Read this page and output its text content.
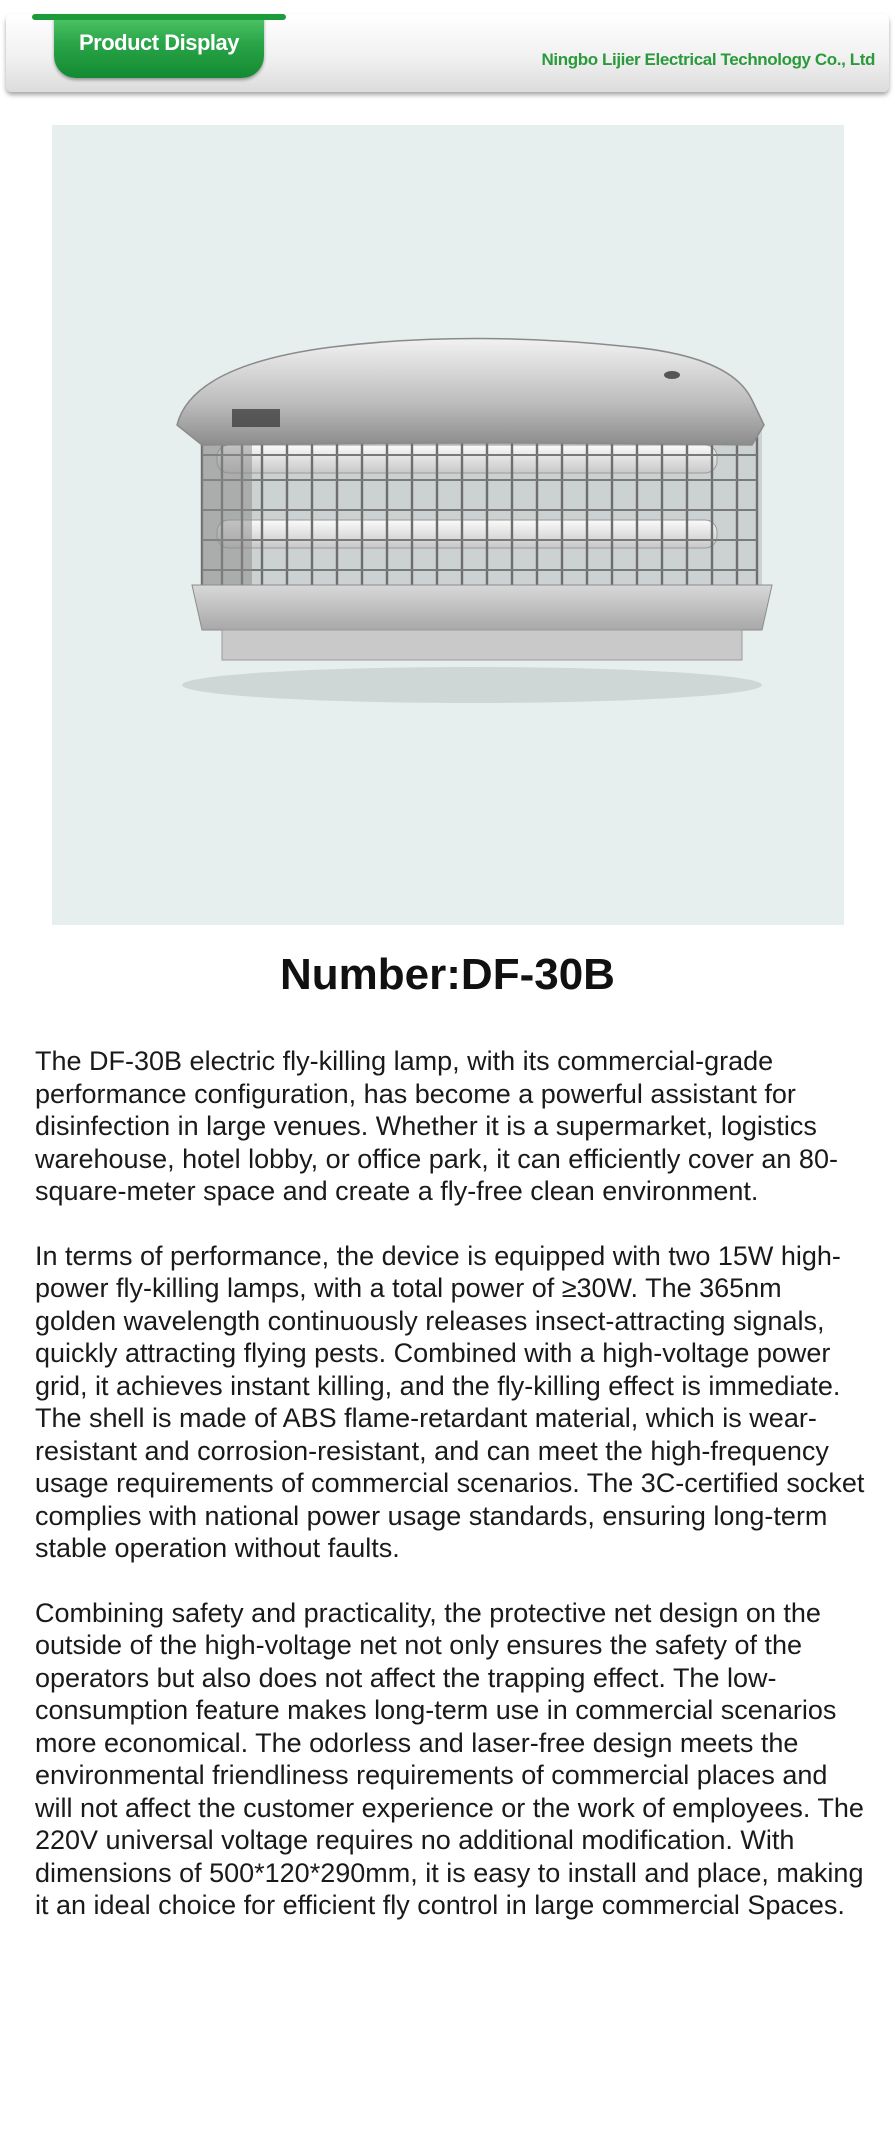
Product Display
Ningbo Lijier Electrical Technology Co., Ltd
Number:DF-30B

The DF-30B electric fly-killing lamp, with its commercial-grade performance configuration, has become a powerful assistant for disinfection in large venues. Whether it is a supermarket, logistics warehouse, hotel lobby, or office park, it can efficiently cover an 80-square-meter space and create a fly-free clean environment.

In terms of performance, the device is equipped with two 15W high-power fly-killing lamps, with a total power of ≥30W. The 365nm golden wavelength continuously releases insect-attracting signals, quickly attracting flying pests. Combined with a high-voltage power grid, it achieves instant killing, and the fly-killing effect is immediate. The shell is made of ABS flame-retardant material, which is wear-resistant and corrosion-resistant, and can meet the high-frequency usage requirements of commercial scenarios. The 3C-certified socket complies with national power usage standards, ensuring long-term stable operation without faults.

Combining safety and practicality, the protective net design on the outside of the high-voltage net not only ensures the safety of the operators but also does not affect the trapping effect. The low-consumption feature makes long-term use in commercial scenarios more economical. The odorless and laser-free design meets the environmental friendliness requirements of commercial places and will not affect the customer experience or the work of employees. The 220V universal voltage requires no additional modification. With dimensions of 500*120*290mm, it is easy to install and place, making it an ideal choice for efficient fly control in large commercial Spaces.
